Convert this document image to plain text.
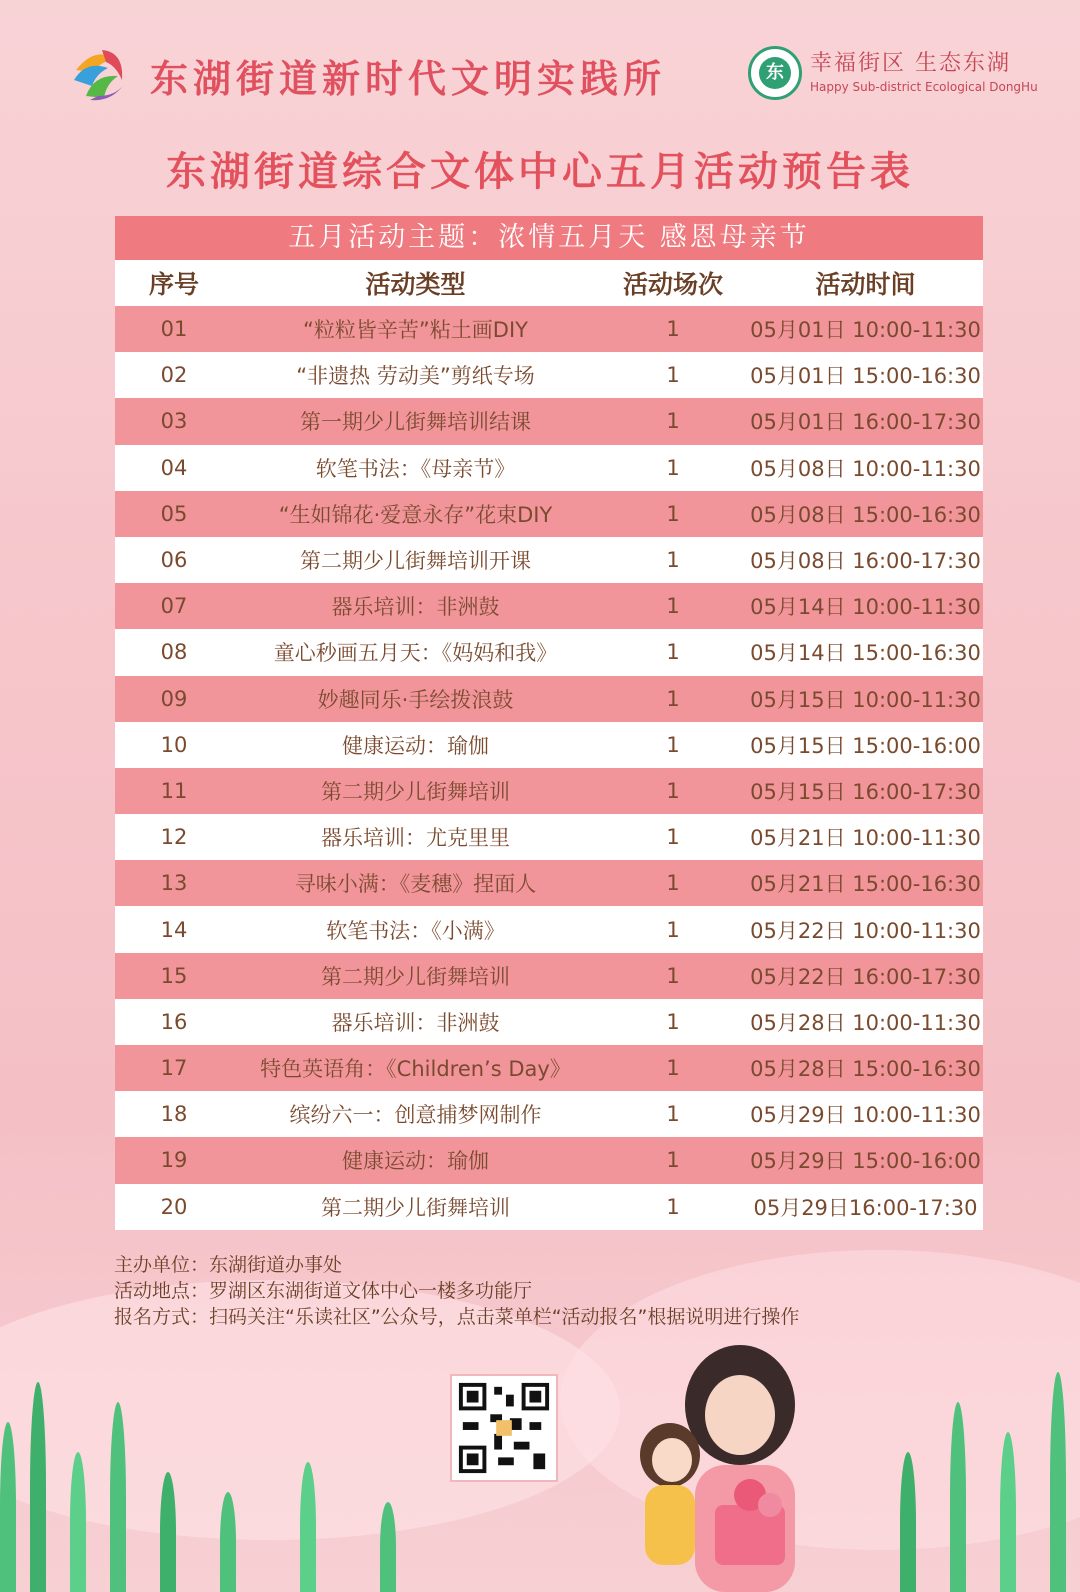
东湖街道新时代文明实践所	东	幸福街区 生态东湖
Happy Sub-district Ecological DongHu
东湖街道综合文体中心五月活动预告表
五月活动主题：浓情五月天 感恩母亲节
序号	活动类型	活动场次	活动时间
01	“粒粒皆辛苦”粘土画DIY	1	05月01日 10:00-11:30
02	“非遗热 劳动美”剪纸专场	1	05月01日 15:00-16:30
03	第一期少儿街舞培训结课	1	05月01日 16:00-17:30
04	软笔书法：《母亲节》	1	05月08日 10:00-11:30
05	“生如锦花·爱意永存”花束DIY	1	05月08日 15:00-16:30
06	第二期少儿街舞培训开课	1	05月08日 16:00-17:30
07	器乐培训：非洲鼓	1	05月14日 10:00-11:30
08	童心秒画五月天：《妈妈和我》	1	05月14日 15:00-16:30
09	妙趣同乐·手绘拨浪鼓	1	05月15日 10:00-11:30
10	健康运动：瑜伽	1	05月15日 15:00-16:00
11	第二期少儿街舞培训	1	05月15日 16:00-17:30
12	器乐培训：尤克里里	1	05月21日 10:00-11:30
13	寻味小满：《麦穗》捏面人	1	05月21日 15:00-16:30
14	软笔书法：《小满》	1	05月22日 10:00-11:30
15	第二期少儿街舞培训	1	05月22日 16:00-17:30
16	器乐培训：非洲鼓	1	05月28日 10:00-11:30
17	特色英语角：《Children’s Day》	1	05月28日 15:00-16:30
18	缤纷六一：创意捕梦网制作	1	05月29日 10:00-11:30
19	健康运动：瑜伽	1	05月29日 15:00-16:00
20	第二期少儿街舞培训	1	05月29日16:00-17:30
主办单位：东湖街道办事处
活动地点：罗湖区东湖街道文体中心一楼多功能厅
报名方式：扫码关注“乐读社区”公众号，点击菜单栏“活动报名”根据说明进行操作
